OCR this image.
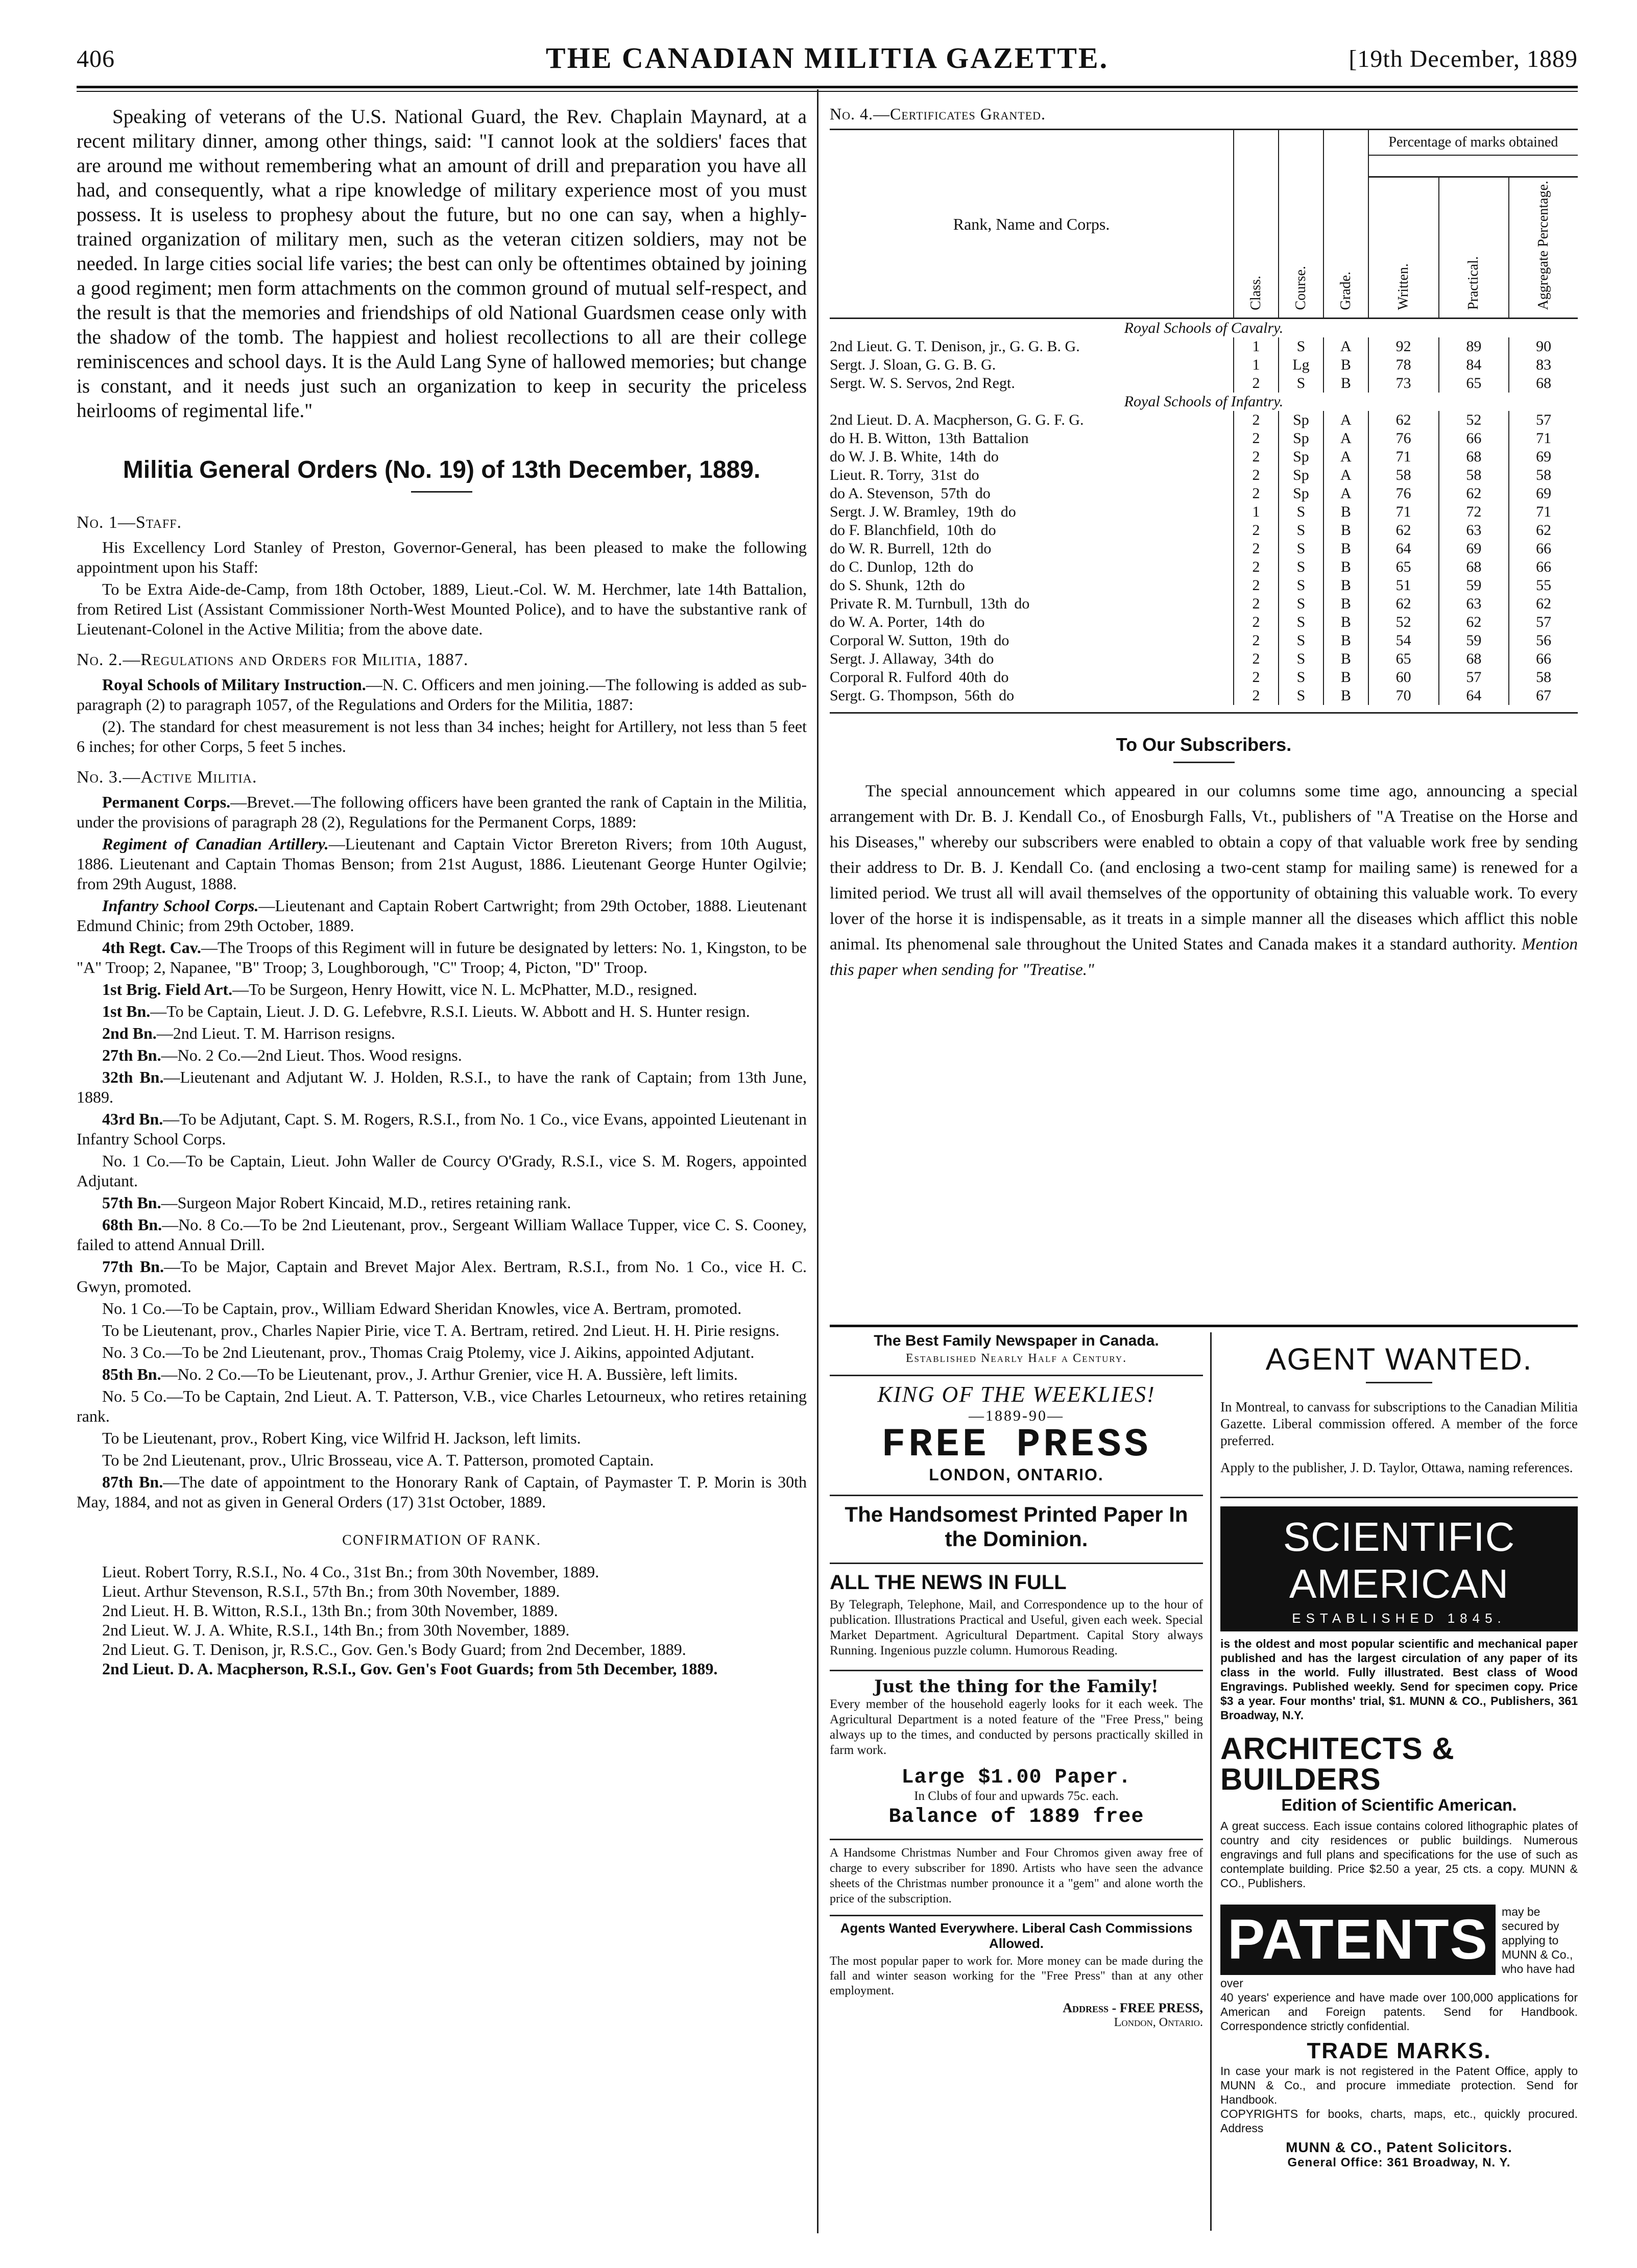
406	THE CANADIAN MILITIA GAZETTE.	[19th December, 1889

Speaking of veterans of the U.S. National Guard, the Rev. Chaplain Maynard, at a recent military dinner, among other things, said: "I cannot look at the soldiers' faces that are around me without remembering what an amount of drill and preparation you have all had, and consequently, what a ripe knowledge of military experience most of you must possess. It is useless to prophesy about the future, but no one can say, when a highly-trained organization of military men, such as the veteran citizen soldiers, may not be needed. In large cities social life varies; the best can only be oftentimes obtained by joining a good regiment; men form attachments on the common ground of mutual self-respect, and the result is that the memories and friendships of old National Guardsmen cease only with the shadow of the tomb. The happiest and holiest recollections to all are their college reminiscences and school days. It is the Auld Lang Syne of hallowed memories; but change is constant, and it needs just such an organization to keep in security the priceless heirlooms of regimental life."

Militia General Orders (No. 19) of 13th December, 1889.
No. 1—Staff.

His Excellency Lord Stanley of Preston, Governor-General, has been pleased to make the following appointment upon his Staff:

To be Extra Aide-de-Camp, from 18th October, 1889, Lieut.-Col. W. M. Herchmer, late 14th Battalion, from Retired List (Assistant Commissioner North-West Mounted Police), and to have the substantive rank of Lieutenant-Colonel in the Active Militia; from the above date.

No. 2.—Regulations and Orders for Militia, 1887.

Royal Schools of Military Instruction.—N. C. Officers and men joining.—The following is added as sub-paragraph (2) to paragraph 1057, of the Regulations and Orders for the Militia, 1887:

(2). The standard for chest measurement is not less than 34 inches; height for Artillery, not less than 5 feet 6 inches; for other Corps, 5 feet 5 inches.

No. 3.—Active Militia.

Permanent Corps.—Brevet.—The following officers have been granted the rank of Captain in the Militia, under the provisions of paragraph 28 (2), Regulations for the Permanent Corps, 1889:

Regiment of Canadian Artillery.—Lieutenant and Captain Victor Brereton Rivers; from 10th August, 1886. Lieutenant and Captain Thomas Benson; from 21st August, 1886. Lieutenant George Hunter Ogilvie; from 29th August, 1888.

Infantry School Corps.—Lieutenant and Captain Robert Cartwright; from 29th October, 1888. Lieutenant Edmund Chinic; from 29th October, 1889.

4th Regt. Cav.—The Troops of this Regiment will in future be designated by letters: No. 1, Kingston, to be "A" Troop; 2, Napanee, "B" Troop; 3, Loughborough, "C" Troop; 4, Picton, "D" Troop.

1st Brig. Field Art.—To be Surgeon, Henry Howitt, vice N. L. McPhatter, M.D., resigned.

1st Bn.—To be Captain, Lieut. J. D. G. Lefebvre, R.S.I. Lieuts. W. Abbott and H. S. Hunter resign.

2nd Bn.—2nd Lieut. T. M. Harrison resigns.

27th Bn.—No. 2 Co.—2nd Lieut. Thos. Wood resigns.

32th Bn.—Lieutenant and Adjutant W. J. Holden, R.S.I., to have the rank of Captain; from 13th June, 1889.

43rd Bn.—To be Adjutant, Capt. S. M. Rogers, R.S.I., from No. 1 Co., vice Evans, appointed Lieutenant in Infantry School Corps.

No. 1 Co.—To be Captain, Lieut. John Waller de Courcy O'Grady, R.S.I., vice S. M. Rogers, appointed Adjutant.

57th Bn.—Surgeon Major Robert Kincaid, M.D., retires retaining rank.

68th Bn.—No. 8 Co.—To be 2nd Lieutenant, prov., Sergeant William Wallace Tupper, vice C. S. Cooney, failed to attend Annual Drill.

77th Bn.—To be Major, Captain and Brevet Major Alex. Bertram, R.S.I., from No. 1 Co., vice H. C. Gwyn, promoted.

No. 1 Co.—To be Captain, prov., William Edward Sheridan Knowles, vice A. Bertram, promoted.

To be Lieutenant, prov., Charles Napier Pirie, vice T. A. Bertram, retired. 2nd Lieut. H. H. Pirie resigns.

No. 3 Co.—To be 2nd Lieutenant, prov., Thomas Craig Ptolemy, vice J. Aikins, appointed Adjutant.

85th Bn.—No. 2 Co.—To be Lieutenant, prov., J. Arthur Grenier, vice H. A. Bussière, left limits.

No. 5 Co.—To be Captain, 2nd Lieut. A. T. Patterson, V.B., vice Charles Letourneux, who retires retaining rank.

To be Lieutenant, prov., Robert King, vice Wilfrid H. Jackson, left limits.

To be 2nd Lieutenant, prov., Ulric Brosseau, vice A. T. Patterson, promoted Captain.

87th Bn.—The date of appointment to the Honorary Rank of Captain, of Paymaster T. P. Morin is 30th May, 1884, and not as given in General Orders (17) 31st October, 1889.

CONFIRMATION OF RANK.

Lieut. Robert Torry, R.S.I., No. 4 Co., 31st Bn.; from 30th November, 1889.

Lieut. Arthur Stevenson, R.S.I., 57th Bn.; from 30th November, 1889.

2nd Lieut. H. B. Witton, R.S.I., 13th Bn.; from 30th November, 1889.

2nd Lieut. W. J. A. White, R.S.I., 14th Bn.; from 30th November, 1889.

2nd Lieut. G. T. Denison, jr, R.S.C., Gov. Gen.'s Body Guard; from 2nd December, 1889.

2nd Lieut. D. A. Macpherson, R.S.I., Gov. Gen's Foot Guards; from 5th December, 1889.

No. 4.—Certificates Granted.
Rank, Name and Corps.	Class.	Course.	Grade.	Percentage of marks obtained		

				Written.	Practical.	Aggregate Percentage.
Royal Schools of Cavalry.						
2nd Lieut. G. T. Denison, jr., G. G. B. G.	1	S	A	92	89	90
Sergt. J. Sloan, G. G. B. G.	1	Lg	B	78	84	83
Sergt. W. S. Servos, 2nd Regt.	2	S	B	73	65	68
Royal Schools of Infantry.						
2nd Lieut. D. A. Macpherson, G. G. F. G.	2	Sp	A	62	52	57
do H. B. Witton, 13th Battalion	2	Sp	A	76	66	71
do W. J. B. White, 14th do	2	Sp	A	71	68	69
Lieut. R. Torry, 31st do	2	Sp	A	58	58	58
do A. Stevenson, 57th do	2	Sp	A	76	62	69
Sergt. J. W. Bramley, 19th do	1	S	B	71	72	71
do F. Blanchfield, 10th do	2	S	B	62	63	62
do W. R. Burrell, 12th do	2	S	B	64	69	66
do C. Dunlop, 12th do	2	S	B	65	68	66
do S. Shunk, 12th do	2	S	B	51	59	55
Private R. M. Turnbull, 13th do	2	S	B	62	63	62
do W. A. Porter, 14th do	2	S	B	52	62	57
Corporal W. Sutton, 19th do	2	S	B	54	59	56
Sergt. J. Allaway, 34th do	2	S	B	65	68	66
Corporal R. Fulford 40th do	2	S	B	60	57	58
Sergt. G. Thompson, 56th do	2	S	B	70	64	67
To Our Subscribers.

The special announcement which appeared in our columns some time ago, announcing a special arrangement with Dr. B. J. Kendall Co., of Enosburgh Falls, Vt., publishers of "A Treatise on the Horse and his Diseases," whereby our subscribers were enabled to obtain a copy of that valuable work free by sending their address to Dr. B. J. Kendall Co. (and enclosing a two-cent stamp for mailing same) is renewed for a limited period. We trust all will avail themselves of the opportunity of obtaining this valuable work. To every lover of the horse it is indispensable, as it treats in a simple manner all the diseases which afflict this noble animal. Its phenomenal sale throughout the United States and Canada makes it a standard authority. Mention this paper when sending for "Treatise."

The Best Family Newspaper in Canada.
Established Nearly Half a Century.
KING OF THE WEEKLIES!
—1889-90—
FREE PRESS
LONDON, ONTARIO.
The Handsomest Printed Paper In the Dominion.
ALL THE NEWS IN FULL
By Telegraph, Telephone, Mail, and Correspondence up to the hour of publication. Illustrations Practical and Useful, given each week. Special Market Department. Agricultural Department. Capital Story always Running. Ingenious puzzle column. Humorous Reading.
Just the thing for the Family!
Every member of the household eagerly looks for it each week. The Agricultural Department is a noted feature of the "Free Press," being always up to the times, and conducted by persons practically skilled in farm work.
Large $1.00 Paper.
In Clubs of four and upwards 75c. each.
Balance of 1889 free
A Handsome Christmas Number and Four Chromos given away free of charge to every subscriber for 1890. Artists who have seen the advance sheets of the Christmas number pronounce it a "gem" and alone worth the price of the subscription.
Agents Wanted Everywhere. Liberal Cash Commissions Allowed.
The most popular paper to work for. More money can be made during the fall and winter season working for the "Free Press" than at any other employment.
Address - FREE PRESS,
London, Ontario.
AGENT WANTED.

In Montreal, to canvass for subscriptions to the Canadian Militia Gazette. Liberal commission offered. A member of the force preferred.

Apply to the publisher, J. D. Taylor, Ottawa, naming references.

SCIENTIFIC AMERICAN
ESTABLISHED 1845.

is the oldest and most popular scientific and mechanical paper published and has the largest circulation of any paper of its class in the world. Fully illustrated. Best class of Wood Engravings. Published weekly. Send for specimen copy. Price $3 a year. Four months' trial, $1. MUNN & CO., Publishers, 361 Broadway, N.Y.

ARCHITECTS & BUILDERS
Edition of Scientific American.

A great success. Each issue contains colored lithographic plates of country and city residences or public buildings. Numerous engravings and full plans and specifications for the use of such as contemplate building. Price $2.50 a year, 25 cts. a copy. MUNN & CO., Publishers.

PATENTS	may be secured by applying to MUNN & Co., who have had over

40 years' experience and have made over 100,000 applications for American and Foreign patents. Send for Handbook. Correspondence strictly confidential.

TRADE MARKS.

In case your mark is not registered in the Patent Office, apply to MUNN & Co., and procure immediate protection. Send for Handbook.

COPYRIGHTS for books, charts, maps, etc., quickly procured. Address

MUNN & CO., Patent Solicitors.
General Office: 361 Broadway, N. Y.
